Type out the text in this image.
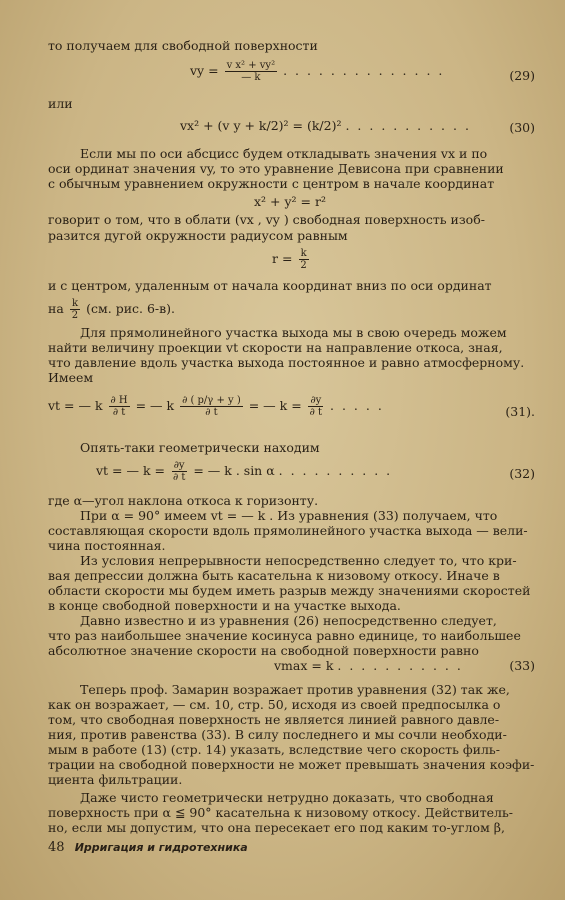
то получаем для свободной поверхности
vy = $\frac{\text{v x² + vy²}}{— k}$ . . . . . . . . . . . . . .	(29)
или
vx² + (v y + k/2)² = (k/2)² . . . . . . . . . . .	(30)
Если мы по оси абсцисс будем откладывать значения vx и по
оси ординат значения vy, то это уравнение Девисона при сравнении
с обычным уравнением окружности с центром в начале координат
x² + y² = r²
говорит о том, что в облати (vx , vy ) свободная поверхность изоб-
разится дугой окружности радиусом равным
$r = \frac{k}{2}$
и с центром, удаленным от начала координат вниз по оси ординат
на $\frac{k}{2} (см$. рис. 6-в).
Для прямолинейного участка выхода мы в свою очередь можем
найти величину проекции vt скорости на направление откоса, зная,
что давление вдоль участка выхода постоянное и равно атмосферному.
Имеем
vt = — k $\frac{\partial H}{\partial t}$ = — k $\frac{\partial ( p/\gamma + y )}{\partial t}$ = — $k = \frac{\partial y}{\partial t}$ . . . . .	(31).
Опять-таки геометрически находим
vt = — $k = \frac{\partial y}{\partial t}$ = — k . sin α . . . . . . . . . .	(32)
где α—угол наклона откоса к горизонту.
При α = 90° имеем vt = — k . Из уравнения (33) получаем, что
составляющая скорости вдоль прямолинейного участка выхода — вели-
чина постоянная.
Из условия непрерывности непосредственно следует то, что кри-
вая депрессии должна быть касательна к низовому откосу. Иначе в
области скорости мы будем иметь разрыв между значениями скоростей
в конце свободной поверхности и на участке выхода.
Давно известно и из уравнения (26) непосредственно следует,
что раз наибольшее значение косинуса равно единице, то наибольшее
абсолютное значение скорости на свободной поверхности равно
vmax = k . . . . . . . . . . .	(33)
Теперь проф. Замарин возражает против уравнения (32) так же,
как он возражает, — см. 10, стр. 50, исходя из своей предпосылка о
том, что свободная поверхность не является линией равного давле-
ния, против равенства (33). В силу последнего и мы сочли необходи-
мым в работе (13) (стр. 14) указать, вследствие чего скорость филь-
трации на свободной поверхности не может превышать значения коэфи-
циента фильтрации.
Даже чисто геометрически нетрудно доказать, что свободная
поверхность при α ≦ 90° касательна к низовому откосу. Действитель-
но, если мы допустим, что она пересекает его под каким то-углом β,
48 Ирригация и гидротехника
